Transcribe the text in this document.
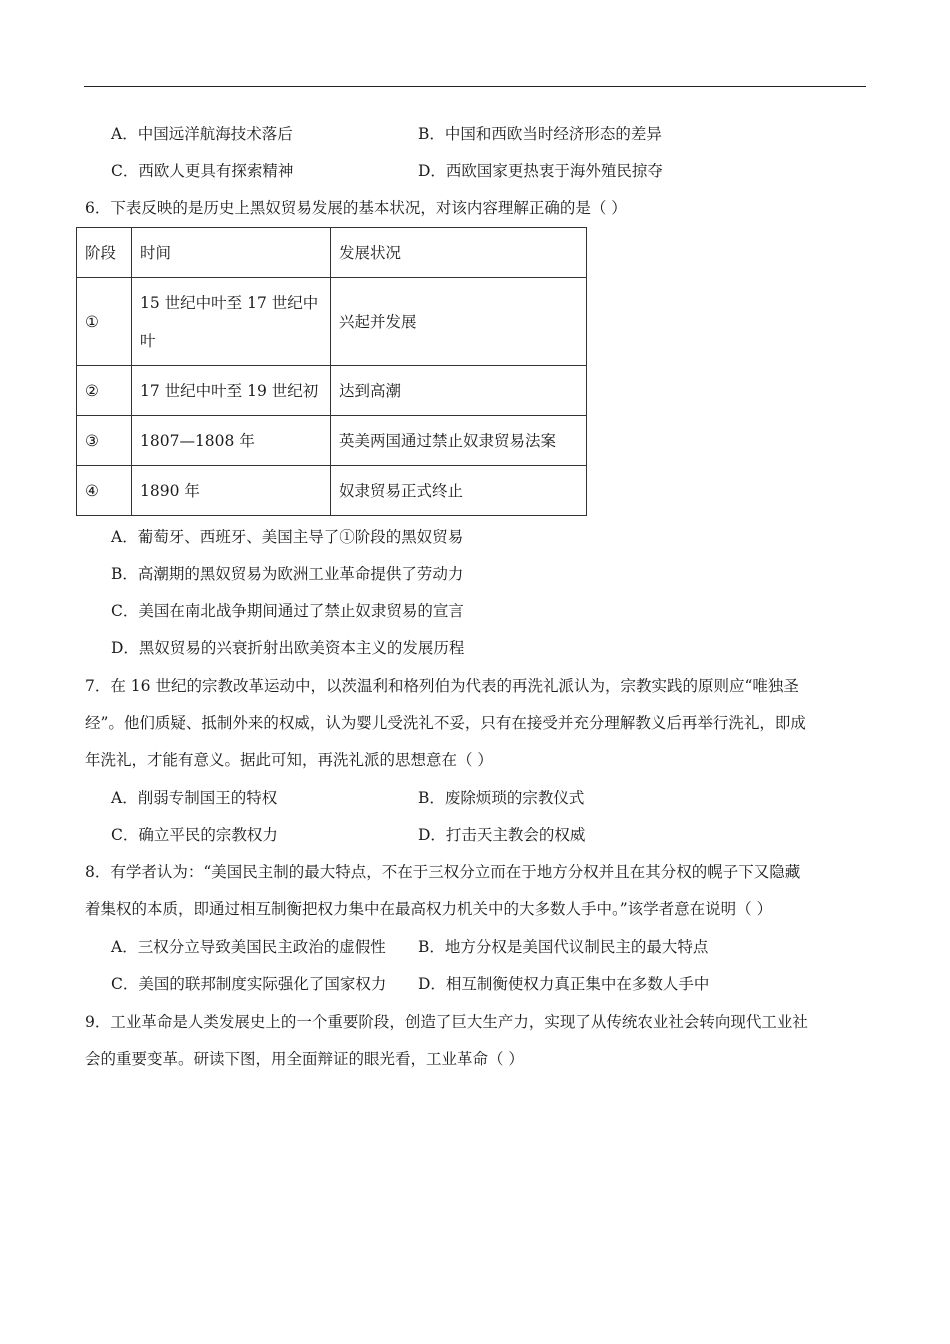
A．中国远洋航海技术落后	B．中国和西欧当时经济形态的差异
C．西欧人更具有探索精神	D．西欧国家更热衷于海外殖民掠夺
6．下表反映的是历史上黑奴贸易发展的基本状况，对该内容理解正确的是（ ）
阶段	时间	发展状况
①	15 世纪中叶至 17 世纪中叶	兴起并发展
②	17 世纪中叶至 19 世纪初	达到高潮
③	1807—1808 年	英美两国通过禁止奴隶贸易法案
④	1890 年	奴隶贸易正式终止
A．葡萄牙、西班牙、美国主导了①阶段的黑奴贸易
B．高潮期的黑奴贸易为欧洲工业革命提供了劳动力
C．美国在南北战争期间通过了禁止奴隶贸易的宣言
D．黑奴贸易的兴衰折射出欧美资本主义的发展历程
7．在 16 世纪的宗教改革运动中，以茨温利和格列伯为代表的再洗礼派认为，宗教实践的原则应“唯独圣
经”。他们质疑、抵制外来的权威，认为婴儿受洗礼不妥，只有在接受并充分理解教义后再举行洗礼，即成
年洗礼，才能有意义。据此可知，再洗礼派的思想意在（ ）
A．削弱专制国王的特权	B．废除烦琐的宗教仪式
C．确立平民的宗教权力	D．打击天主教会的权威
8．有学者认为：“美国民主制的最大特点，不在于三权分立而在于地方分权并且在其分权的幌子下又隐藏
着集权的本质，即通过相互制衡把权力集中在最高权力机关中的大多数人手中。”该学者意在说明（ ）
A．三权分立导致美国民主政治的虚假性 B．地方分权是美国代议制民主的最大特点
C．美国的联邦制度实际强化了国家权力 D．相互制衡使权力真正集中在多数人手中
9．工业革命是人类发展史上的一个重要阶段，创造了巨大生产力，实现了从传统农业社会转向现代工业社
会的重要变革。研读下图，用全面辩证的眼光看，工业革命（ ）
